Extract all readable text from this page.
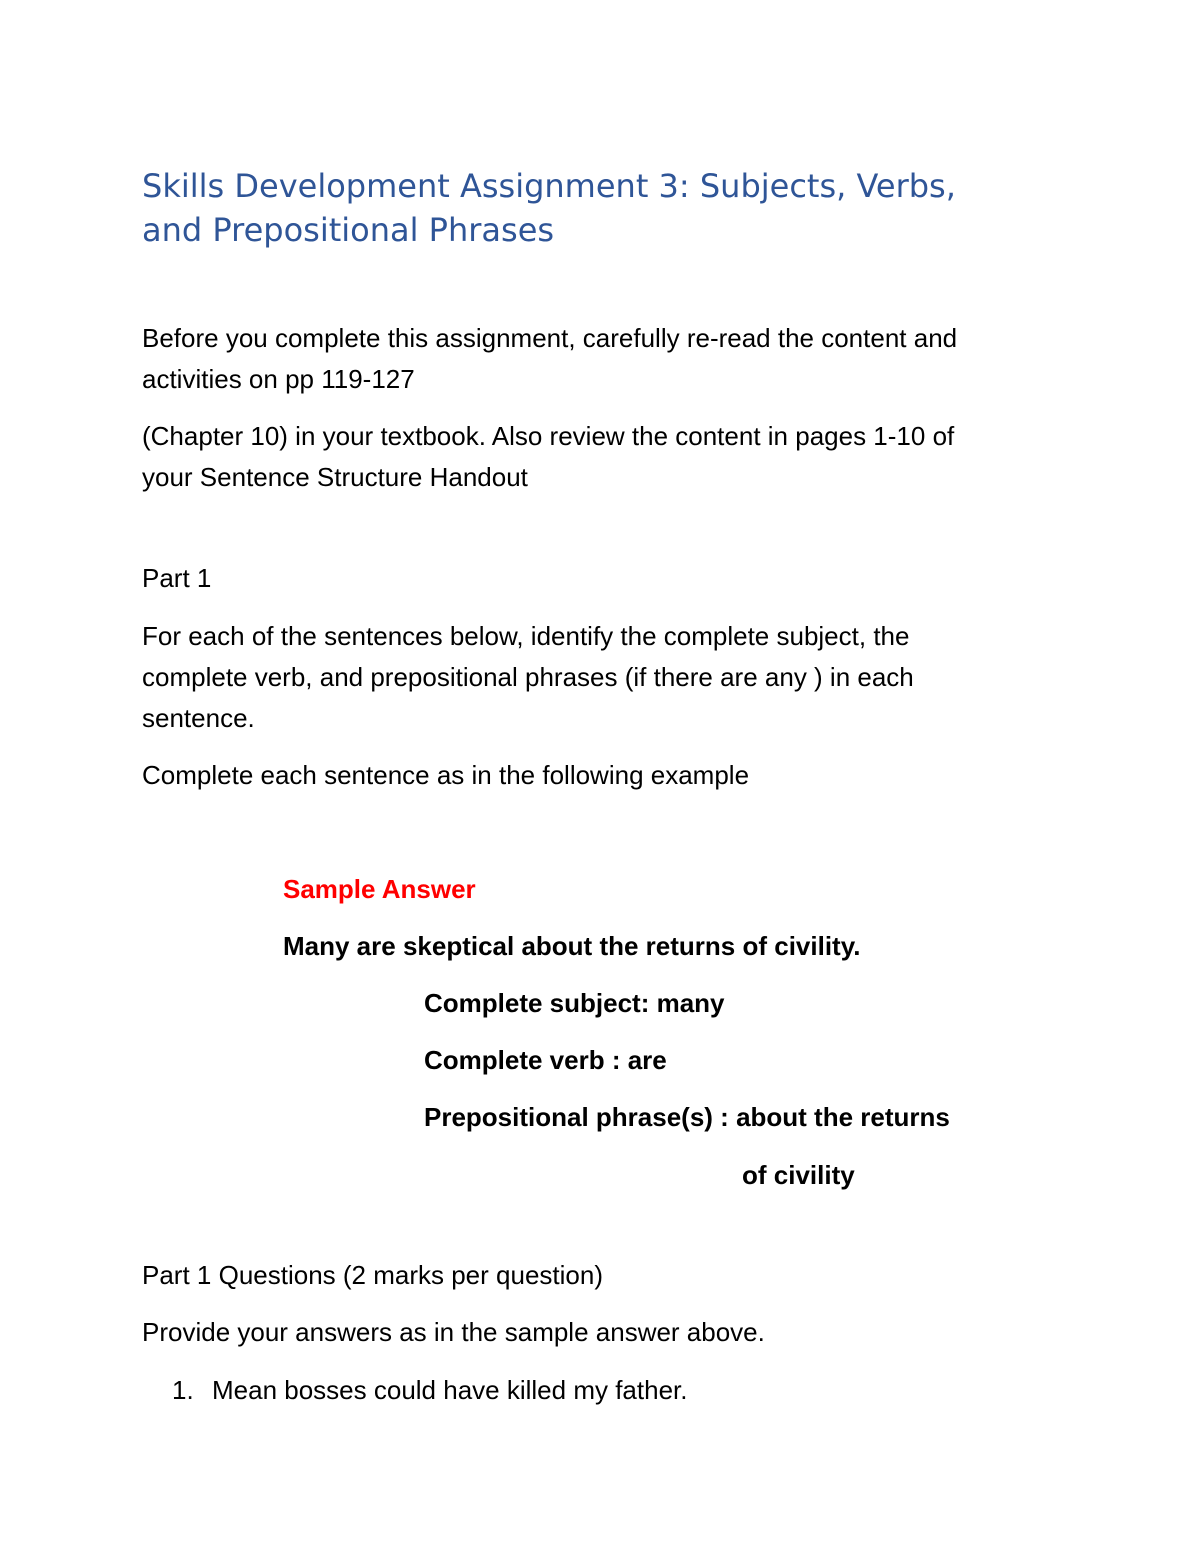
Skills Development Assignment 3: Subjects, Verbs,
and Prepositional Phrases
Before you complete this assignment, carefully re-read the content and
activities on pp 119-127
(Chapter 10) in your textbook. Also review the content in pages 1-10 of
your Sentence Structure Handout
Part 1
For each of the sentences below, identify the complete subject, the
complete verb, and prepositional phrases (if there are any ) in each
sentence.
Complete each sentence as in the following example
Sample Answer
Many are skeptical about the returns of civility.
Complete subject: many
Complete verb : are
Prepositional phrase(s) : about the returns
of civility
Part 1 Questions (2 marks per question)
Provide your answers as in the sample answer above.
1. Mean bosses could have killed my father.
